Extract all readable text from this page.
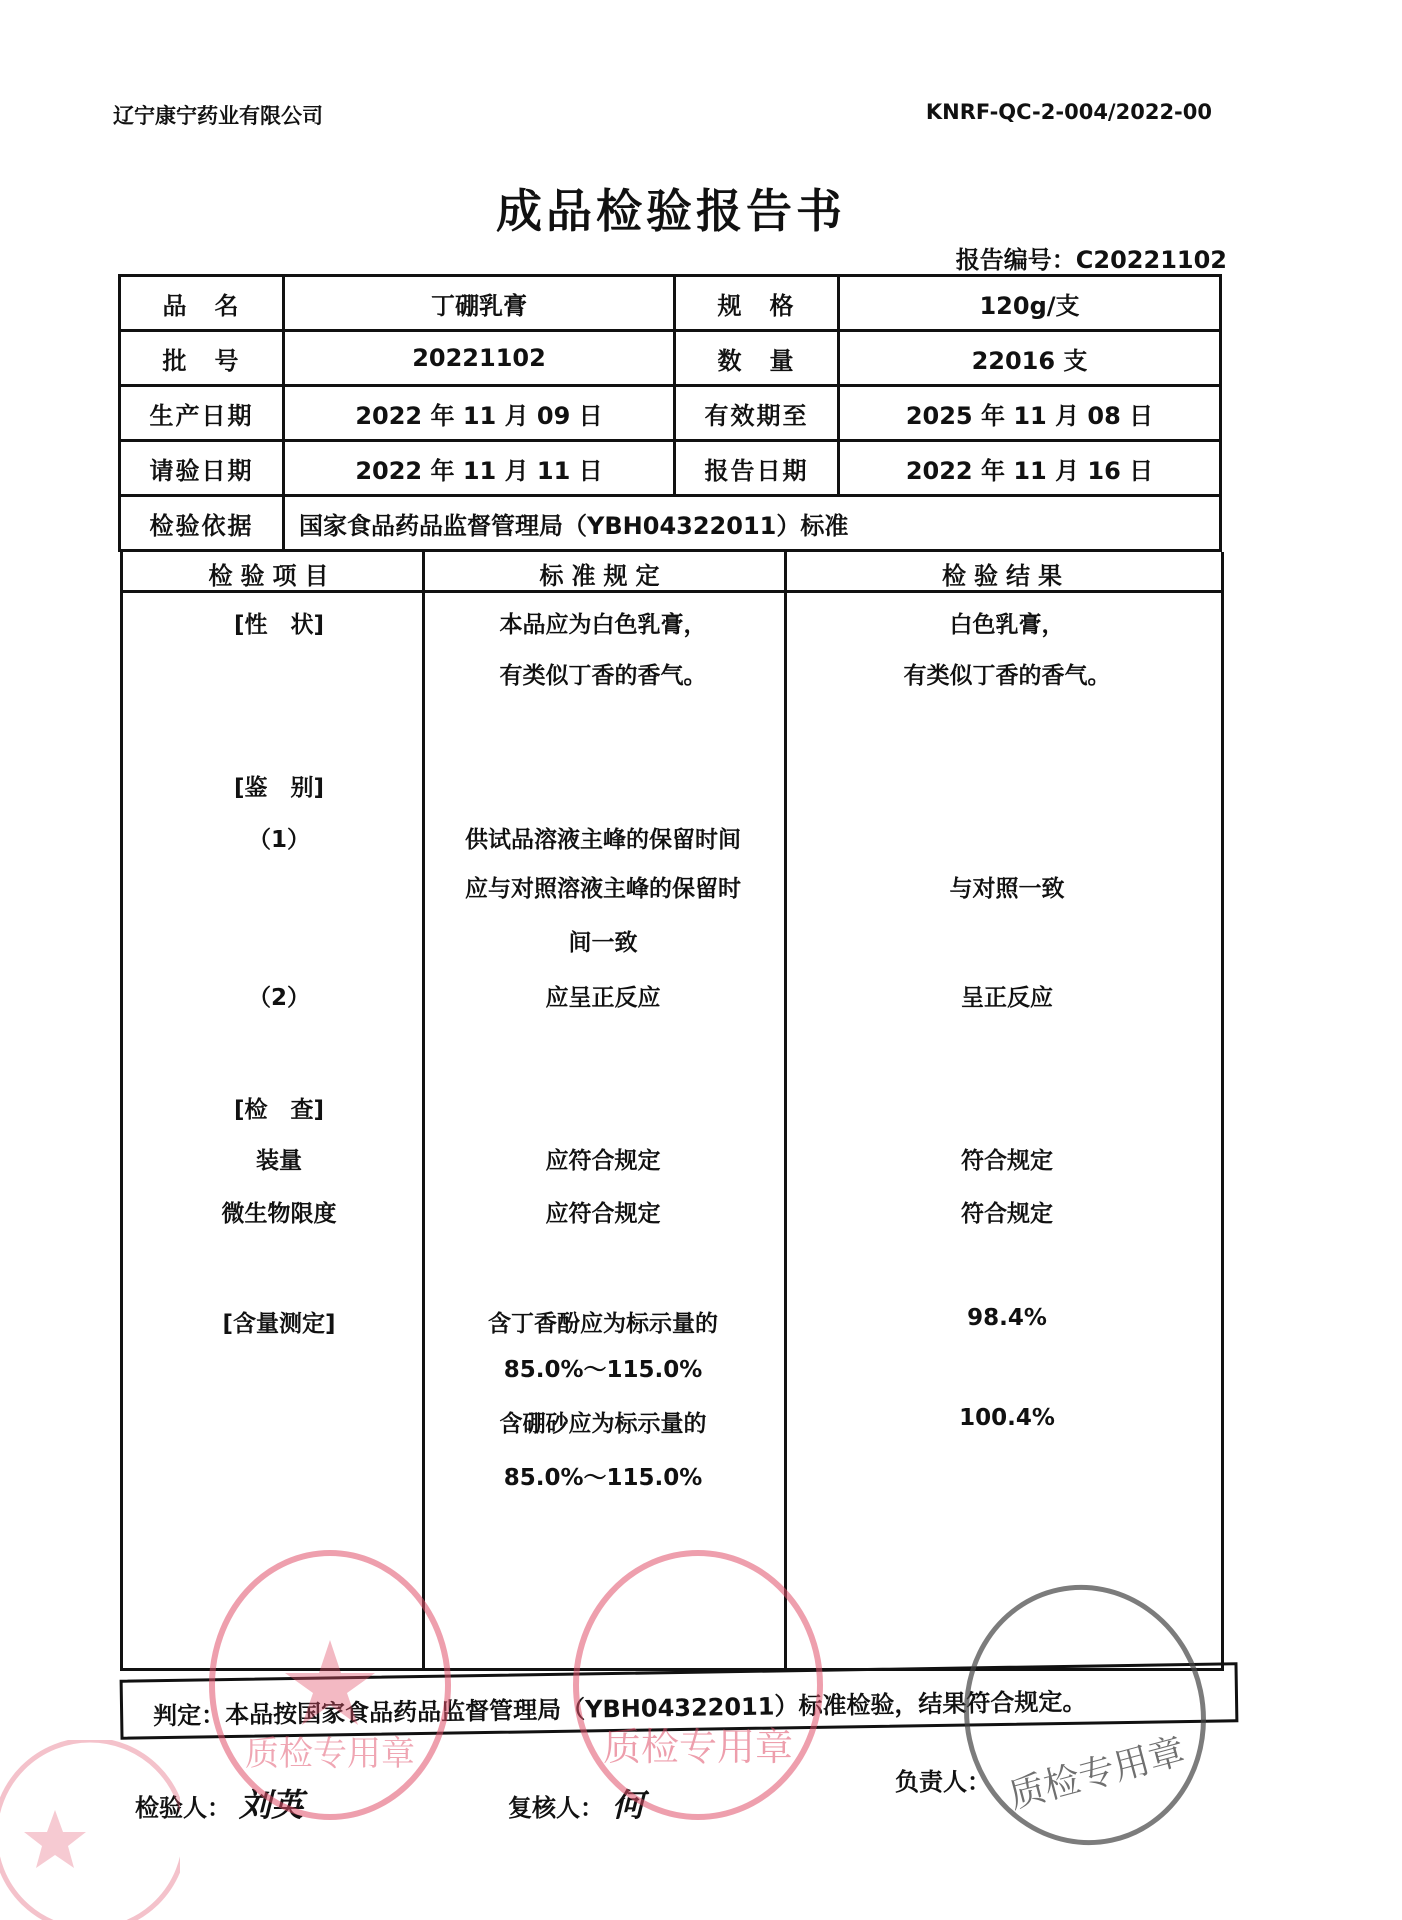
辽宁康宁药业有限公司	KNRF-QC-2-004/2022-00
成品检验报告书
报告编号：C20221102
品　名	丁硼乳膏	规　格	120g/支
批　号	20221102	数　量	22016 支
生产日期	2022 年 11 月 09 日	有效期至	2025 年 11 月 08 日
请验日期	2022 年 11 月 11 日	报告日期	2022 年 11 月 16 日
检验依据	国家食品药品监督管理局（YBH04322011）标准		
检验项目	标准规定	检验结果
[性　状]	本品应为白色乳膏，	白色乳膏，
有类似丁香的香气。	有类似丁香的香气。
[鉴　别]
（1）	供试品溶液主峰的保留时间
应与对照溶液主峰的保留时	与对照一致
间一致
（2）	应呈正反应	呈正反应
[检　查]
装量	应符合规定	符合规定
微生物限度	应符合规定	符合规定
[含量测定]	含丁香酚应为标示量的	98.4%
85.0%～115.0%
含硼砂应为标示量的	100.4%
85.0%～115.0%
判定：本品按国家食品药品监督管理局（YBH04322011）标准检验，结果符合规定。
检验人： 刘英	复核人： 何
负责人：
质检专用章	质检专用章	质检专用章
